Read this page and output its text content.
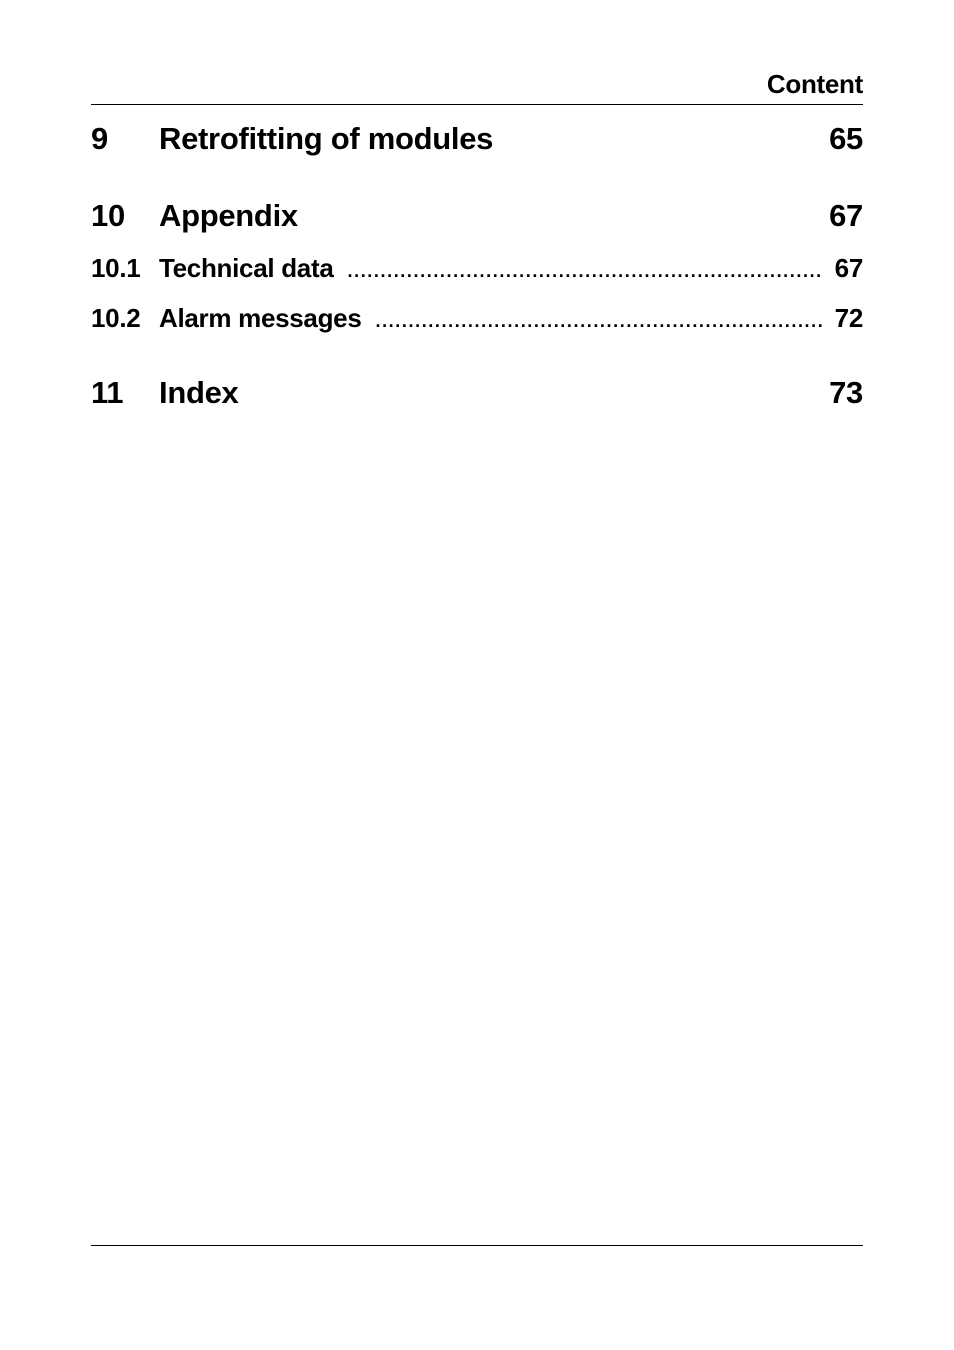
Content
9	Retrofitting of modules	65
10	Appendix	67
10.1 Technical data .....	67
10.2 Alarm messages .....	72
11	Index	73
